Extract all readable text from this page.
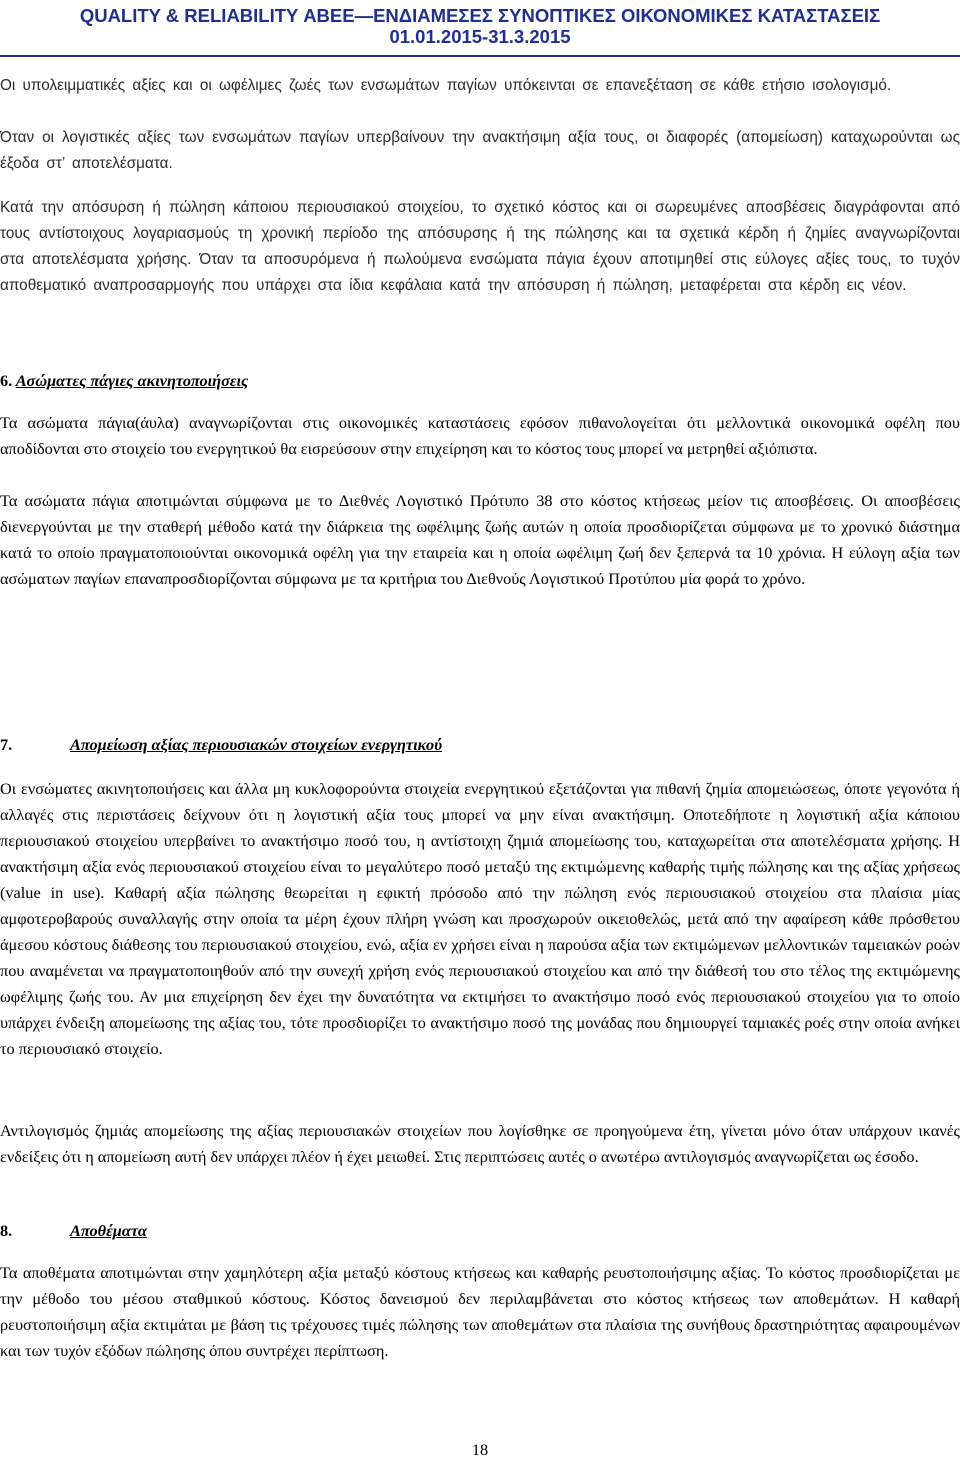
QUALITY & RELIABILITY ΑΒΕΕ—ΕΝΔΙΑΜΕΣΕΣ ΣΥΝΟΠΤΙΚΕΣ ΟΙΚΟΝΟΜΙΚΕΣ ΚΑΤΑΣΤΑΣΕΙΣ
01.01.2015-31.3.2015

Οι υπολειμματικές αξίες και οι ωφέλιμες ζωές των ενσωμάτων παγίων υπόκεινται σε επανεξέταση σε κάθε ετήσιο ισολογισμό.

Όταν οι λογιστικές αξίες των ενσωμάτων παγίων υπερβαίνουν την ανακτήσιμη αξία τους, οι διαφορές (απομείωση) καταχωρούνται ως έξοδα στ’ αποτελέσματα.

Κατά την απόσυρση ή πώληση κάποιου περιουσιακού στοιχείου, το σχετικό κόστος και οι σωρευμένες αποσβέσεις διαγράφονται από τους αντίστοιχους λογαριασμούς τη χρονική περίοδο της απόσυρσης ή της πώλησης και τα σχετικά κέρδη ή ζημίες αναγνωρίζονται στα αποτελέσματα χρήσης. Όταν τα αποσυρόμενα ή πωλούμενα ενσώματα πάγια έχουν αποτιμηθεί στις εύλογες αξίες τους, το τυχόν αποθεματικό αναπροσαρμογής που υπάρχει στα ίδια κεφάλαια κατά την απόσυρση ή πώληση, μεταφέρεται στα κέρδη εις νέον.

6. Ασώματες πάγιες ακινητοποιήσεις

Τα ασώματα πάγια(άυλα) αναγνωρίζονται στις οικονομικές καταστάσεις εφόσον πιθανολογείται ότι μελλοντικά οικονομικά οφέλη που αποδίδονται στο στοιχείο του ενεργητικού θα εισρεύσουν στην επιχείρηση και το κόστος τους μπορεί να μετρηθεί αξιόπιστα.

Τα ασώματα πάγια αποτιμώνται σύμφωνα με το Διεθνές Λογιστικό Πρότυπο 38 στο κόστος κτήσεως μείον τις αποσβέσεις. Οι αποσβέσεις διενεργούνται με την σταθερή μέθοδο κατά την διάρκεια της ωφέλιμης ζωής αυτών η οποία προσδιορίζεται σύμφωνα με το χρονικό διάστημα κατά το οποίο πραγματοποιούνται οικονομικά οφέλη για την εταιρεία και η οποία ωφέλιμη ζωή δεν ξεπερνά τα 10 χρόνια. Η εύλογη αξία των ασώματων παγίων επαναπροσδιορίζονται σύμφωνα με τα κριτήρια του Διεθνούς Λογιστικού Προτύπου μία φορά το χρόνο.

7.	Απομείωση αξίας περιουσιακών στοιχείων ενεργητικού

Οι ενσώματες ακινητοποιήσεις και άλλα μη κυκλοφορούντα στοιχεία ενεργητικού εξετάζονται για πιθανή ζημία απομειώσεως, όποτε γεγονότα ή αλλαγές στις περιστάσεις δείχνουν ότι η λογιστική αξία τους μπορεί να μην είναι ανακτήσιμη. Οποτεδήποτε η λογιστική αξία κάποιου περιουσιακού στοιχείου υπερβαίνει το ανακτήσιμο ποσό του, η αντίστοιχη ζημιά απομείωσης του, καταχωρείται στα αποτελέσματα χρήσης. Η ανακτήσιμη αξία ενός περιουσιακού στοιχείου είναι το μεγαλύτερο ποσό μεταξύ της εκτιμώμενης καθαρής τιμής πώλησης και της αξίας χρήσεως (value in use). Καθαρή αξία πώλησης θεωρείται η εφικτή πρόσοδο από την πώληση ενός περιουσιακού στοιχείου στα πλαίσια μίας αμφοτεροβαρούς συναλλαγής στην οποία τα μέρη έχουν πλήρη γνώση και προσχωρούν οικειοθελώς, μετά από την αφαίρεση κάθε πρόσθετου άμεσου κόστους διάθεσης του περιουσιακού στοιχείου, ενώ, αξία εν χρήσει είναι η παρούσα αξία των εκτιμώμενων μελλοντικών ταμειακών ροών που αναμένεται να πραγματοποιηθούν από την συνεχή χρήση ενός περιουσιακού στοιχείου και από την διάθεσή του στο τέλος της εκτιμώμενης ωφέλιμης ζωής του. Αν μια επιχείρηση δεν έχει την δυνατότητα να εκτιμήσει το ανακτήσιμο ποσό ενός περιουσιακού στοιχείου για το οποίο υπάρχει ένδειξη απομείωσης της αξίας του, τότε προσδιορίζει το ανακτήσιμο ποσό της μονάδας που δημιουργεί ταμιακές ροές στην οποία ανήκει το περιουσιακό στοιχείο.

Αντιλογισμός ζημιάς απομείωσης της αξίας περιουσιακών στοιχείων που λογίσθηκε σε προηγούμενα έτη, γίνεται μόνο όταν υπάρχουν ικανές ενδείξεις ότι η απομείωση αυτή δεν υπάρχει πλέον ή έχει μειωθεί. Στις περιπτώσεις αυτές ο ανωτέρω αντιλογισμός αναγνωρίζεται ως έσοδο.

8.	Αποθέματα

Τα αποθέματα αποτιμώνται στην χαμηλότερη αξία μεταξύ κόστους κτήσεως και καθαρής ρευστοποιήσιμης αξίας. Το κόστος προσδιορίζεται με την μέθοδο του μέσου σταθμικού κόστους. Κόστος δανεισμού δεν περιλαμβάνεται στο κόστος κτήσεως των αποθεμάτων. Η καθαρή ρευστοποιήσιμη αξία εκτιμάται με βάση τις τρέχουσες τιμές πώλησης των αποθεμάτων στα πλαίσια της συνήθους δραστηριότητας αφαιρουμένων και των τυχόν εξόδων πώλησης όπου συντρέχει περίπτωση.

18
